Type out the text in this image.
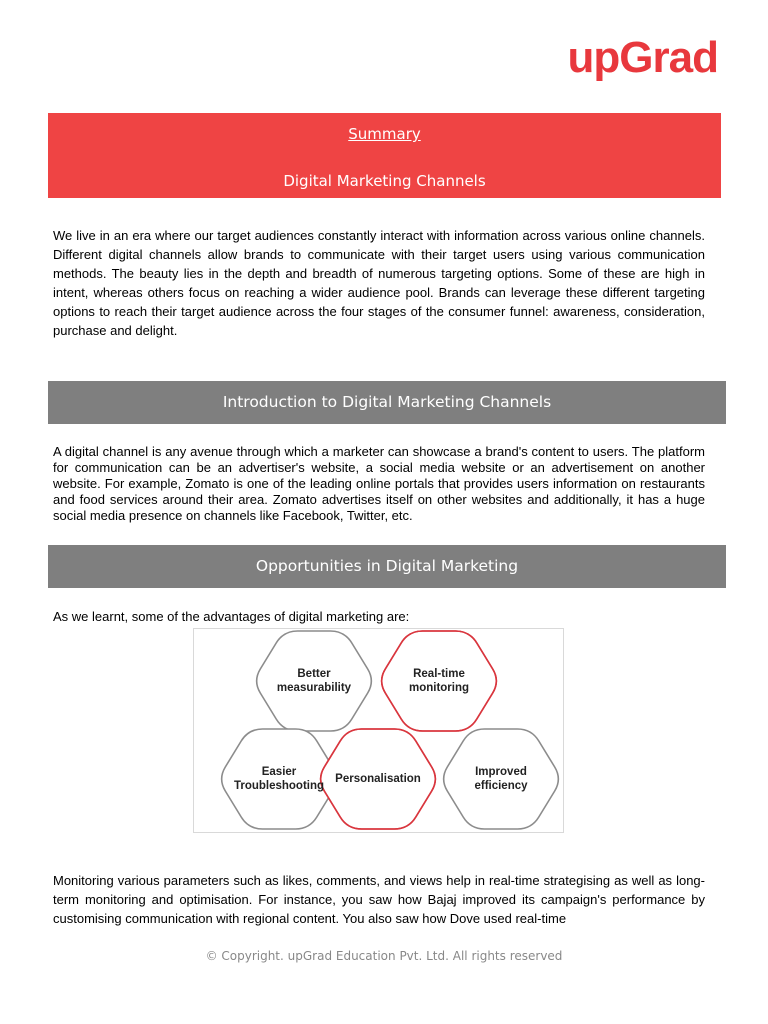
upGrad
Summary
Digital Marketing Channels
We live in an era where our target audiences constantly interact with information across various online channels. Different digital channels allow brands to communicate with their target users using various communication methods. The beauty lies in the depth and breadth of numerous targeting options. Some of these are high in intent, whereas others focus on reaching a wider audience pool. Brands can leverage these different targeting options to reach their target audience across the four stages of the consumer funnel: awareness, consideration, purchase and delight.
Introduction to Digital Marketing Channels
A digital channel is any avenue through which a marketer can showcase a brand's content to users. The platform for communication can be an advertiser's website, a social media website or an advertisement on another website. For example, Zomato is one of the leading online portals that provides users information on restaurants and food services around their area. Zomato advertises itself on other websites and additionally, it has a huge social media presence on channels like Facebook, Twitter, etc.
Opportunities in Digital Marketing
As we learnt, some of the advantages of digital marketing are:
Better
measurability
Real-time
monitoring
Easier
Troubleshooting
Personalisation
Improved
efficiency
Monitoring various parameters such as likes, comments, and views help in real-time strategising as well as long-term monitoring and optimisation. For instance, you saw how Bajaj improved its campaign's performance by customising communication with regional content. You also saw how Dove used real-time
© Copyright. upGrad Education Pvt. Ltd. All rights reserved
